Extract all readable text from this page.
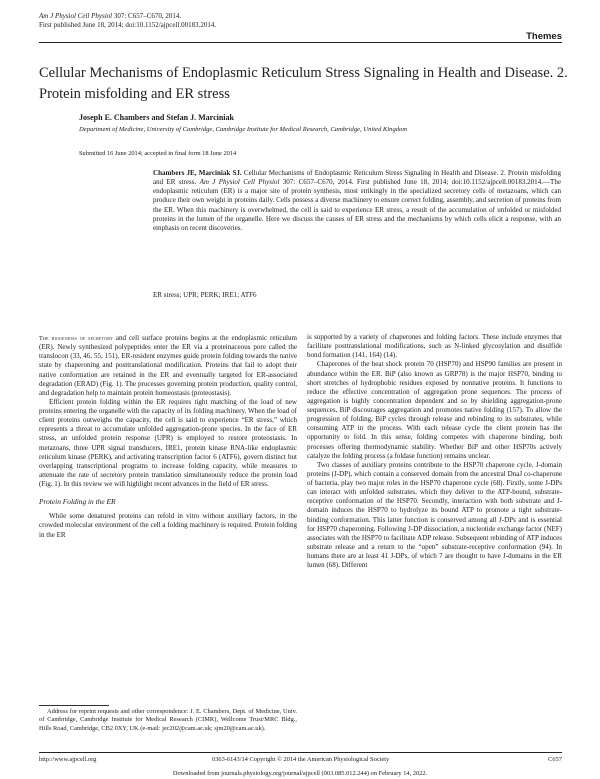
Am J Physiol Cell Physiol 307: C657–C670, 2014.
First published June 18, 2014; doi:10.1152/ajpcell.00183.2014.
Themes
Cellular Mechanisms of Endoplasmic Reticulum Stress Signaling in Health and Disease. 2. Protein misfolding and ER stress
Joseph E. Chambers and Stefan J. Marciniak
Department of Medicine, University of Cambridge, Cambridge Institute for Medical Research, Cambridge, United Kingdom
Submitted 16 June 2014; accepted in final form 18 June 2014
Chambers JE, Marciniak SJ. Cellular Mechanisms of Endoplasmic Reticulum Stress Signaling in Health and Disease. 2. Protein misfolding and ER stress. Am J Physiol Cell Physiol 307: C657–C670, 2014. First published June 18, 2014; doi:10.1152/ajpcell.00183.2014.—The endoplasmic reticulum (ER) is a major site of protein synthesis, most strikingly in the specialized secretory cells of metazoans, which can produce their own weight in proteins daily. Cells possess a diverse machinery to ensure correct folding, assembly, and secretion of proteins from the ER. When this machinery is overwhelmed, the cell is said to experience ER stress, a result of the accumulation of unfolded or misfolded proteins in the lumen of the organelle. Here we discuss the causes of ER stress and the mechanisms by which cells elicit a response, with an emphasis on recent discoveries.
ER stress; UPR; PERK; IRE1; ATF6

The biogenesis of secretory and cell surface proteins begins at the endoplasmic reticulum (ER). Newly synthesized polypeptides enter the ER via a proteinaceous pore called the translocon (33, 46, 55, 151). ER-resident enzymes guide protein folding towards the native state by chaperoning and posttranslational modification. Proteins that fail to adopt their native conformation are retained in the ER and eventually targeted for ER-associated degradation (ERAD) (Fig. 1). The processes governing protein production, quality control, and degradation help to maintain protein homeostasis (proteostasis).

Efficient protein folding within the ER requires tight matching of the load of new proteins entering the organelle with the capacity of its folding machinery. When the load of client proteins outweighs the capacity, the cell is said to experience “ER stress,” which represents a threat to accumulate unfolded aggregation-prone species. In the face of ER stress, an unfolded protein response (UPR) is employed to restore proteostasis. In metazoans, three UPR signal transducers, IRE1, protein kinase RNA-like endoplasmic reticulum kinase (PERK), and activating transcription factor 6 (ATF6), govern distinct but overlapping transcriptional programs to increase folding capacity, while measures to attenuate the rate of secretory protein translation simultaneously reduce the protein load (Fig. 1). In this review we will highlight recent advances in the field of ER stress.

Protein Folding in the ER

While some denatured proteins can refold in vitro without auxiliary factors, in the crowded molecular environment of the cell a folding machinery is required. Protein folding in the ER

is supported by a variety of chaperones and folding factors. These include enzymes that facilitate posttranslational modifications, such as N-linked glycosylation and disulfide bond formation (141, 164) (14).

Chaperones of the heat shock protein 70 (HSP70) and HSP90 families are present in abundance within the ER. BiP (also known as GRP78) is the major HSP70, binding to short stretches of hydrophobic residues exposed by nonnative proteins. It functions to reduce the effective concentration of aggregation prone sequences. The process of aggregation is highly concentration dependent and so by shielding aggregation-prone sequences, BiP discourages aggregation and promotes native folding (157). To allow the progression of folding, BiP cycles through release and rebinding to its substrates, while consuming ATP in the process. With each release cycle the client protein has the opportunity to fold. In this sense, folding competes with chaperone binding, both processes offering thermodynamic stability. Whether BiP and other HSP70s actively catalyze the folding process (a foldase function) remains unclear.

Two classes of auxiliary proteins contribute to the HSP70 chaperone cycle. J-domain proteins (J-DP), which contain a conserved domain from the ancestral DnaJ co-chaperone of bacteria, play two major roles in the HSP70 chaperone cycle (68). Firstly, some J-DPs can interact with unfolded substrates, which they deliver to the ATP-bound, substrate-receptive conformation of the HSP70. Secondly, interaction with both substrate and J-domain induces the HSP70 to hydrolyze its bound ATP to promote a tight substrate-binding conformation. This latter function is conserved among all J-DPs and is essential for HSP70 chaperoning. Following J-DP dissociation, a nucleotide exchange factor (NEF) associates with the HSP70 to facilitate ADP release. Subsequent rebinding of ATP induces substrate release and a return to the “open” substrate-receptive conformation (94). In humans there are at least 41 J-DPs, of which 7 are thought to have J-domains in the ER lumen (68). Different

Address for reprint requests and other correspondence: J. E. Chambers, Dept. of Medicine, Univ. of Cambridge, Cambridge Institute for Medical Research (CIMR), Wellcome Trust/MRC Bldg., Hills Road, Cambridge, CB2 0XY, UK (e-mail: jec202@cam.ac.uk; sjm20@cam.ac.uk).
http://www.ajpcell.org	0363-6143/14 Copyright © 2014 the American Physiological Society	C657
Downloaded from journals.physiology.org/journal/ajpcell (003.085.012.244) on February 14, 2022.
